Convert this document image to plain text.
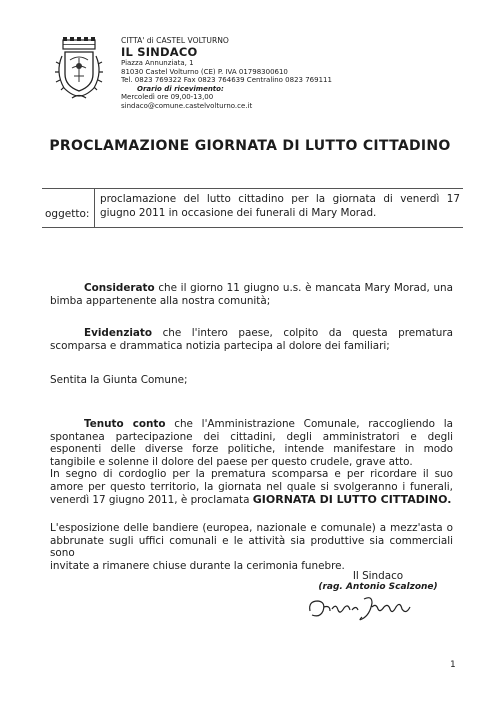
CITTA' di CASTEL VOLTURNO
IL SINDACO
Piazza Annunziata, 1
81030 Castel Volturno (CE) P. IVA 01798300610
Tel. 0823 769322 Fax 0823 764639 Centralino 0823 769111
Orario di ricevimento:
Mercoledì ore 09,00-13,00
sindaco@comune.castelvolturno.ce.it
PROCLAMAZIONE GIORNATA DI LUTTO CITTADINO
oggetto:
proclamazione del lutto cittadino per la giornata di venerdì 17 giugno 2011 in occasione dei funerali di Mary Morad.
Considerato che il giorno 11 giugno u.s. è mancata Mary Morad, una bimba appartenente alla nostra comunità;
Evidenziato che l'intero paese, colpito da questa prematura scomparsa e drammatica notizia partecipa al dolore dei familiari;
Sentita la Giunta Comune;
Tenuto conto che l'Amministrazione Comunale, raccogliendo la spontanea partecipazione dei cittadini, degli amministratori e degli esponenti delle diverse forze politiche, intende manifestare in modo tangibile e solenne il dolore del paese per questo crudele, grave atto.
In segno di cordoglio per la prematura scomparsa e per ricordare il suo amore per questo territorio, la giornata nel quale si svolgeranno i funerali, venerdì 17 giugno 2011, è proclamata GIORNATA DI LUTTO CITTADINO.
L'esposizione delle bandiere (europea, nazionale e comunale) a mezz'asta o
abbrunate sugli uffici comunali e le attività sia produttive sia commerciali sono
invitate a rimanere chiuse durante la cerimonia funebre.
Il Sindaco
(rag. Antonio Scalzone)
1
